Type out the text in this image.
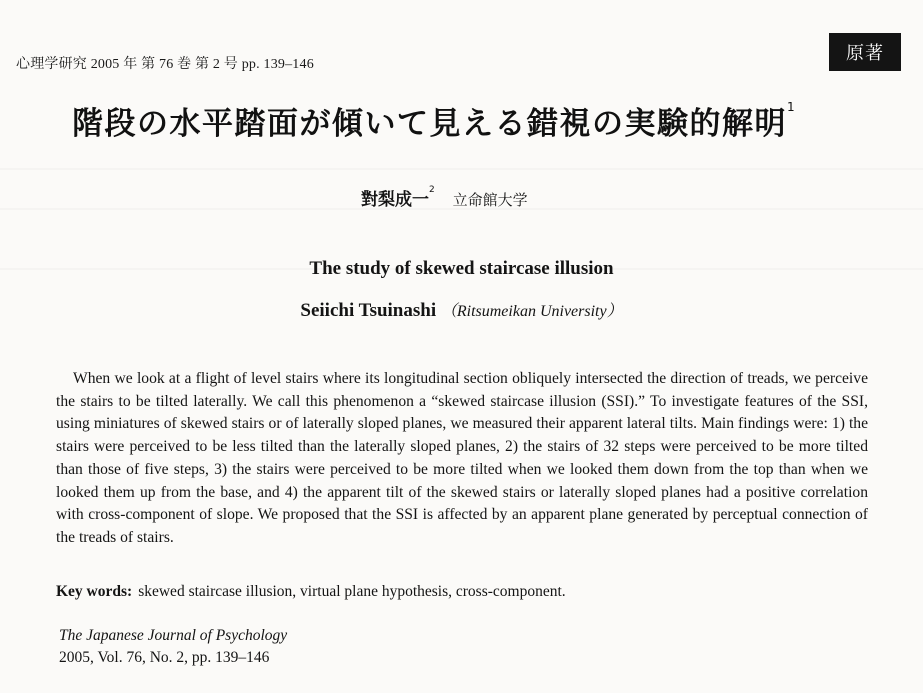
心理学研究 2005 年 第 76 巻 第 2 号 pp. 139–146
原著
階段の水平踏面が傾いて見える錯視の実験的解明$^1$
對梨成一$^2$ 立命館大学
The study of skewed staircase illusion
Seiichi Tsuinashi （Ritsumeikan University）

When we look at a flight of level stairs where its longitudinal section obliquely intersected the direction of treads, we perceive the stairs to be tilted laterally. We call this phenomenon a “skewed staircase illusion (SSI).” To investigate features of the SSI, using miniatures of skewed stairs or of laterally sloped planes, we measured their apparent lateral tilts. Main findings were: 1) the stairs were perceived to be less tilted than the laterally sloped planes, 2) the stairs of 32 steps were perceived to be more tilted than those of five steps, 3) the stairs were perceived to be more tilted when we looked them down from the top than when we looked them up from the base, and 4) the apparent tilt of the skewed stairs or laterally sloped planes had a positive correlation with cross-component of slope. We proposed that the SSI is affected by an apparent plane generated by perceptual connection of the treads of stairs.

Key words: skewed staircase illusion, virtual plane hypothesis, cross-component.
The Japanese Journal of Psychology
2005, Vol. 76, No. 2, pp. 139–146
